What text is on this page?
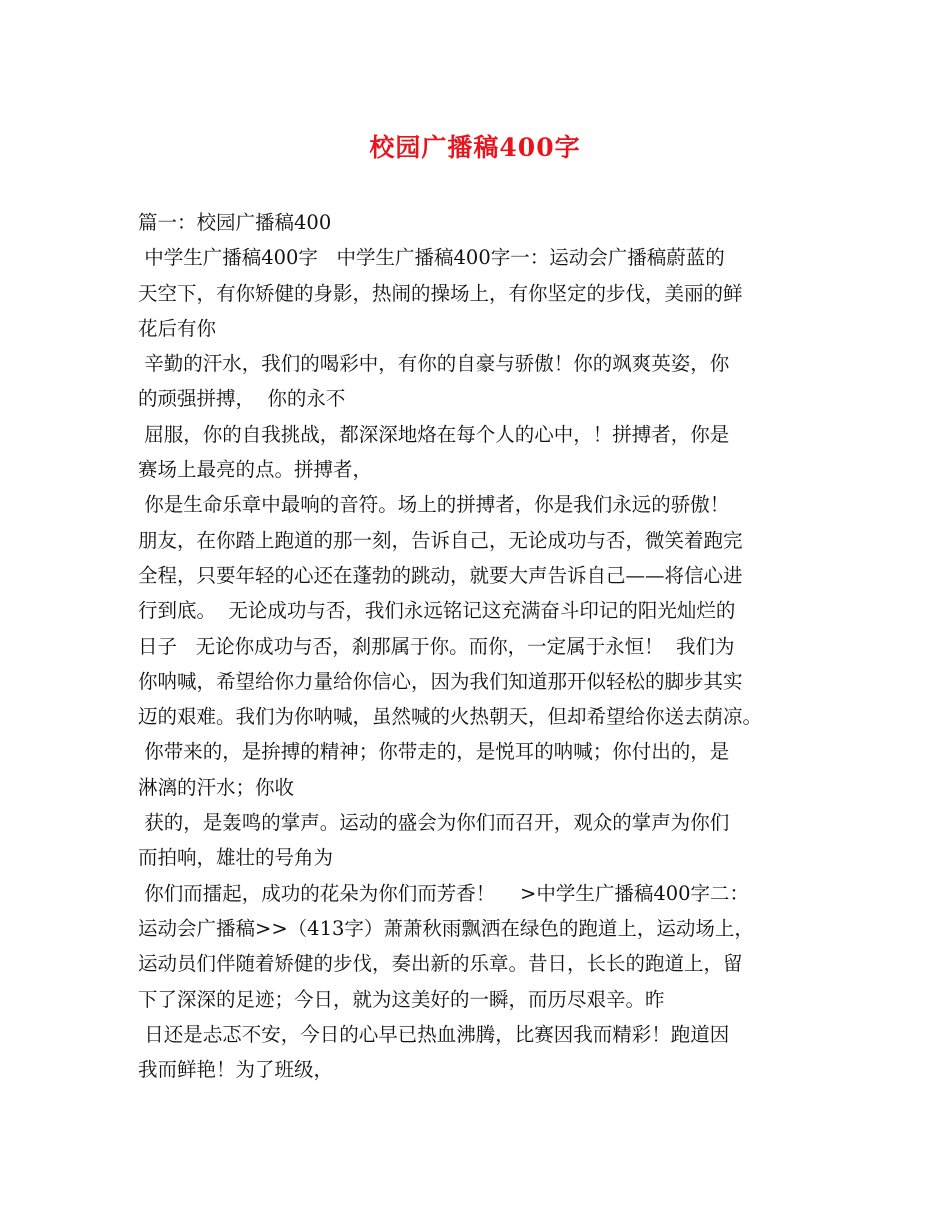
校园广播稿400字
篇一：校园广播稿400
中学生广播稿400字   中学生广播稿400字一：运动会广播稿蔚蓝的
天空下，有你矫健的身影，热闹的操场上，有你坚定的步伐，美丽的鲜
花后有你
辛勤的汗水，我们的喝彩中，有你的自豪与骄傲！你的飒爽英姿，你
的顽强拼搏，  你的永不
屈服，你的自我挑战，都深深地烙在每个人的心中，！拼搏者，你是
赛场上最亮的点。拼搏者，
你是生命乐章中最响的音符。场上的拼搏者，你是我们永远的骄傲！
朋友，在你踏上跑道的那一刻，告诉自己，无论成功与否，微笑着跑完
全程，只要年轻的心还在蓬勃的跳动，就要大声告诉自己——将信心进
行到底。  无论成功与否，我们永远铭记这充满奋斗印记的阳光灿烂的
日子   无论你成功与否，刹那属于你。而你，一定属于永恒！  我们为
你呐喊，希望给你力量给你信心，因为我们知道那开似轻松的脚步其实
迈的艰难。我们为你呐喊，虽然喊的火热朝天，但却希望给你送去荫凉。
你带来的，是拚搏的精神；你带走的，是悦耳的呐喊；你付出的，是
淋漓的汗水；你收
获的，是轰鸣的掌声。运动的盛会为你们而召开，观众的掌声为你们
而拍响，雄壮的号角为
你们而擂起，成功的花朵为你们而芳香！    >中学生广播稿400字二：
运动会广播稿>>（413字）萧萧秋雨飘洒在绿色的跑道上，运动场上，
运动员们伴随着矫健的步伐，奏出新的乐章。昔日，长长的跑道上，留
下了深深的足迹；今日，就为这美好的一瞬，而历尽艰辛。昨
日还是忐忑不安，今日的心早已热血沸腾，比赛因我而精彩！跑道因
我而鲜艳！为了班级，
